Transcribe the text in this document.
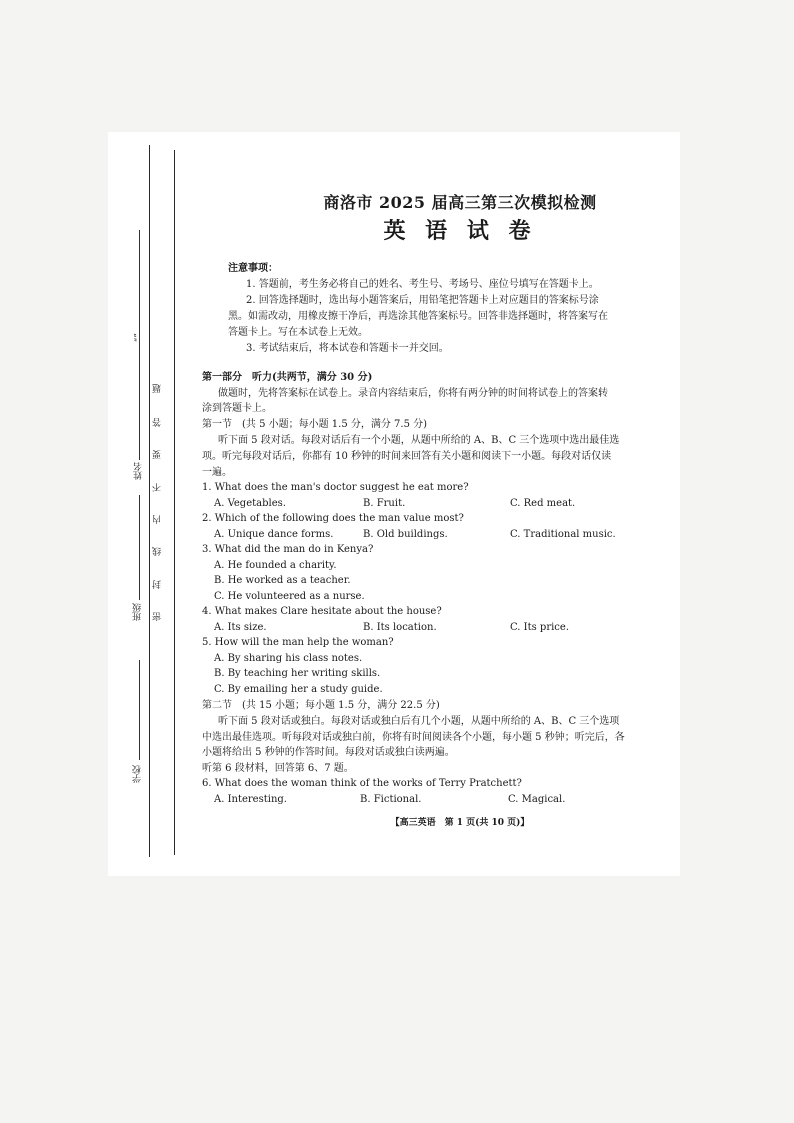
姓名
“”
班级
学校
题
答
要
不
内
线
封
密
商洛市 2025 届高三第三次模拟检测
英 语 试 卷
注意事项：
1. 答题前，考生务必将自己的姓名、考生号、考场号、座位号填写在答题卡上。
2. 回答选择题时，选出每小题答案后，用铅笔把答题卡上对应题目的答案标号涂
黑。如需改动，用橡皮擦干净后，再选涂其他答案标号。回答非选择题时，将答案写在
答题卡上。写在本试卷上无效。
3. 考试结束后，将本试卷和答题卡一并交回。
第一部分　听力(共两节，满分 30 分)
做题时，先将答案标在试卷上。录音内容结束后，你将有两分钟的时间将试卷上的答案转
涂到答题卡上。
第一节　(共 5 小题；每小题 1.5 分，满分 7.5 分)
听下面 5 段对话。每段对话后有一个小题，从题中所给的 A、B、C 三个选项中选出最佳选
项。听完每段对话后，你都有 10 秒钟的时间来回答有关小题和阅读下一小题。每段对话仅读
一遍。
1. What does the man's doctor suggest he eat more?
A. Vegetables.	B. Fruit.	C. Red meat.
2. Which of the following does the man value most?
A. Unique dance forms.	B. Old buildings.	C. Traditional music.
3. What did the man do in Kenya?
A. He founded a charity.
B. He worked as a teacher.
C. He volunteered as a nurse.
4. What makes Clare hesitate about the house?
A. Its size.	B. Its location.	C. Its price.
5. How will the man help the woman?
A. By sharing his class notes.
B. By teaching her writing skills.
C. By emailing her a study guide.
第二节　(共 15 小题；每小题 1.5 分，满分 22.5 分)
听下面 5 段对话或独白。每段对话或独白后有几个小题，从题中所给的 A、B、C 三个选项
中选出最佳选项。听每段对话或独白前，你将有时间阅读各个小题，每小题 5 秒钟；听完后，各
小题将给出 5 秒钟的作答时间。每段对话或独白读两遍。
听第 6 段材料，回答第 6、7 题。
6. What does the woman think of the works of Terry Pratchett?
A. Interesting.	B. Fictional.	C. Magical.
【高三英语　第 1 页(共 10 页)】
